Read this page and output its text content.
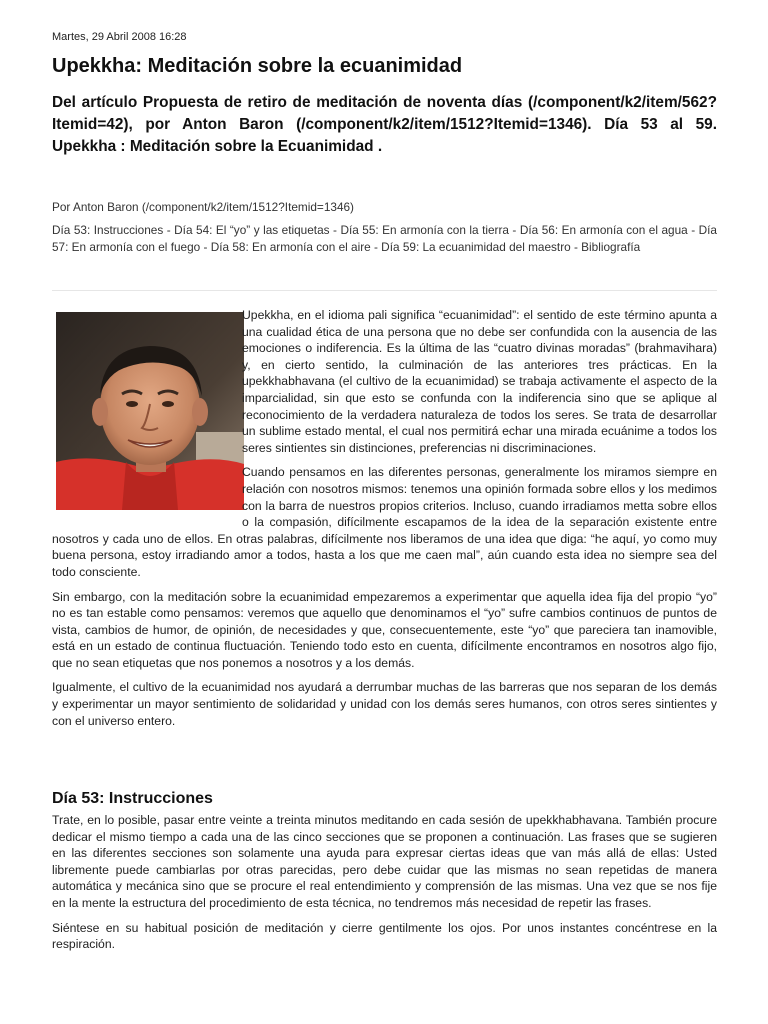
Martes, 29 Abril 2008 16:28
Upekkha: Meditación sobre la ecuanimidad
Del artículo Propuesta de retiro de meditación de noventa días (/component/k2/item/562?Itemid=42), por Anton Baron (/component/k2/item/1512?Itemid=1346). Día 53 al 59. Upekkha : Meditación sobre la Ecuanimidad .
Por Anton Baron (/component/k2/item/1512?Itemid=1346)
Día 53: Instrucciones - Día 54: El “yo” y las etiquetas - Día 55: En armonía con la tierra - Día 56: En armonía con el agua - Día 57: En armonía con el fuego - Día 58: En armonía con el aire - Día 59: La ecuanimidad del maestro - Bibliografía

Upekkha, en el idioma pali significa “ecuanimidad”: el sentido de este término apunta a una cualidad ética de una persona que no debe ser confundida con la ausencia de las emociones o indiferencia. Es la última de las “cuatro divinas moradas” (brahmavihara) y, en cierto sentido, la culminación de las anteriores tres prácticas. En la upekkhabhavana (el cultivo de la ecuanimidad) se trabaja activamente el aspecto de la imparcialidad, sin que esto se confunda con la indiferencia sino que se aplique al reconocimiento de la verdadera naturaleza de todos los seres. Se trata de desarrollar un sublime estado mental, el cual nos permitirá echar una mirada ecuánime a todos los seres sintientes sin distinciones, preferencias ni discriminaciones.

Cuando pensamos en las diferentes personas, generalmente los miramos siempre en relación con nosotros mismos: tenemos una opinión formada sobre ellos y los medimos con la barra de nuestros propios criterios. Incluso, cuando irradiamos metta sobre ellos o la compasión, difícilmente escapamos de la idea de la separación existente entre nosotros y cada uno de ellos. En otras palabras, difícilmente nos liberamos de una idea que diga: “he aquí, yo como muy buena persona, estoy irradiando amor a todos, hasta a los que me caen mal”, aún cuando esta idea no siempre sea del todo consciente.

Sin embargo, con la meditación sobre la ecuanimidad empezaremos a experimentar que aquella idea fija del propio “yo” no es tan estable como pensamos: veremos que aquello que denominamos el “yo” sufre cambios continuos de puntos de vista, cambios de humor, de opinión, de necesidades y que, consecuentemente, este “yo” que pareciera tan inamovible, está en un estado de continua fluctuación. Teniendo todo esto en cuenta, difícilmente encontramos en nosotros algo fijo, que no sean etiquetas que nos ponemos a nosotros y a los demás.

Igualmente, el cultivo de la ecuanimidad nos ayudará a derrumbar muchas de las barreras que nos separan de los demás y experimentar un mayor sentimiento de solidaridad y unidad con los demás seres humanos, con otros seres sintientes y con el universo entero.

Día 53: Instrucciones

Trate, en lo posible, pasar entre veinte a treinta minutos meditando en cada sesión de upekkhabhavana. También procure dedicar el mismo tiempo a cada una de las cinco secciones que se proponen a continuación. Las frases que se sugieren en las diferentes secciones son solamente una ayuda para expresar ciertas ideas que van más allá de ellas: Usted libremente puede cambiarlas por otras parecidas, pero debe cuidar que las mismas no sean repetidas de manera automática y mecánica sino que se procure el real entendimiento y comprensión de las mismas. Una vez que se nos fije en la mente la estructura del procedimiento de esta técnica, no tendremos más necesidad de repetir las frases.

Siéntese en su habitual posición de meditación y cierre gentilmente los ojos. Por unos instantes concéntrese en la respiración.
